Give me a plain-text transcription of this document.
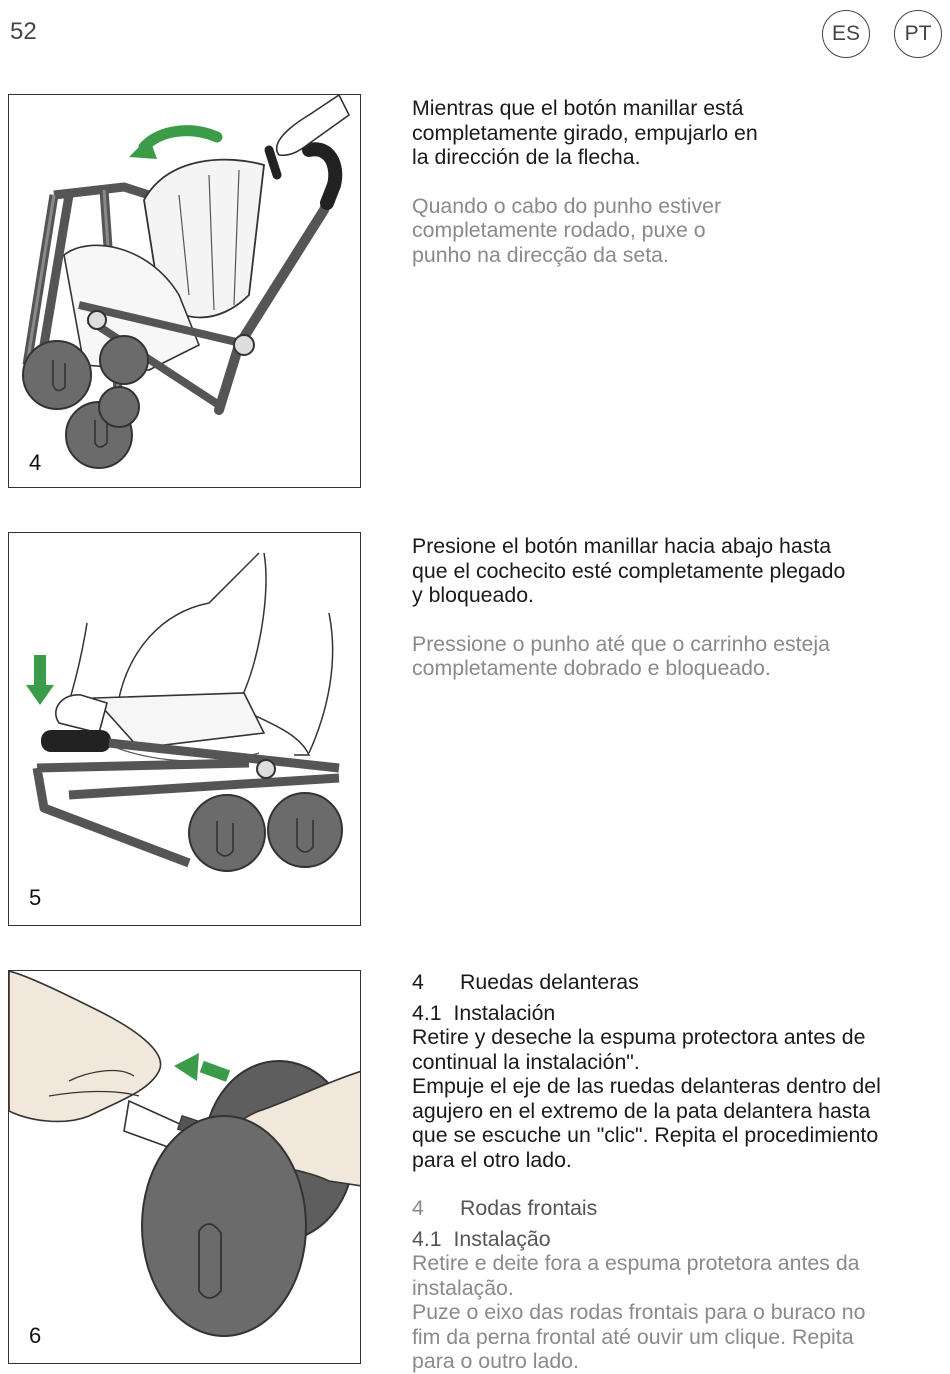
52	ES	PT
4

Mientras que el botón manillar está

completamente girado, empujarlo en

la dirección de la flecha.

Quando o cabo do punho estiver

completamente rodado, puxe o

punho na direcção da seta.

5

Presione el botón manillar hacia abajo hasta

que el cochecito esté completamente plegado

y bloqueado.

Pressione o punho até que o carrinho esteja

completamente dobrado e bloqueado.

6
4	Ruedas delanteras
4.1 Instalación

Retire y deseche la espuma protectora antes de

continual la instalación".

Empuje el eje de las ruedas delanteras dentro del

agujero en el extremo de la pata delantera hasta

que se escuche un "clic". Repita el procedimiento

para el otro lado.

4	Rodas frontais
4.1 Instalação

Retire e deite fora a espuma protetora antes da

instalação.

Puze o eixo das rodas frontais para o buraco no

fim da perna frontal até ouvir um clique. Repita

para o outro lado.
